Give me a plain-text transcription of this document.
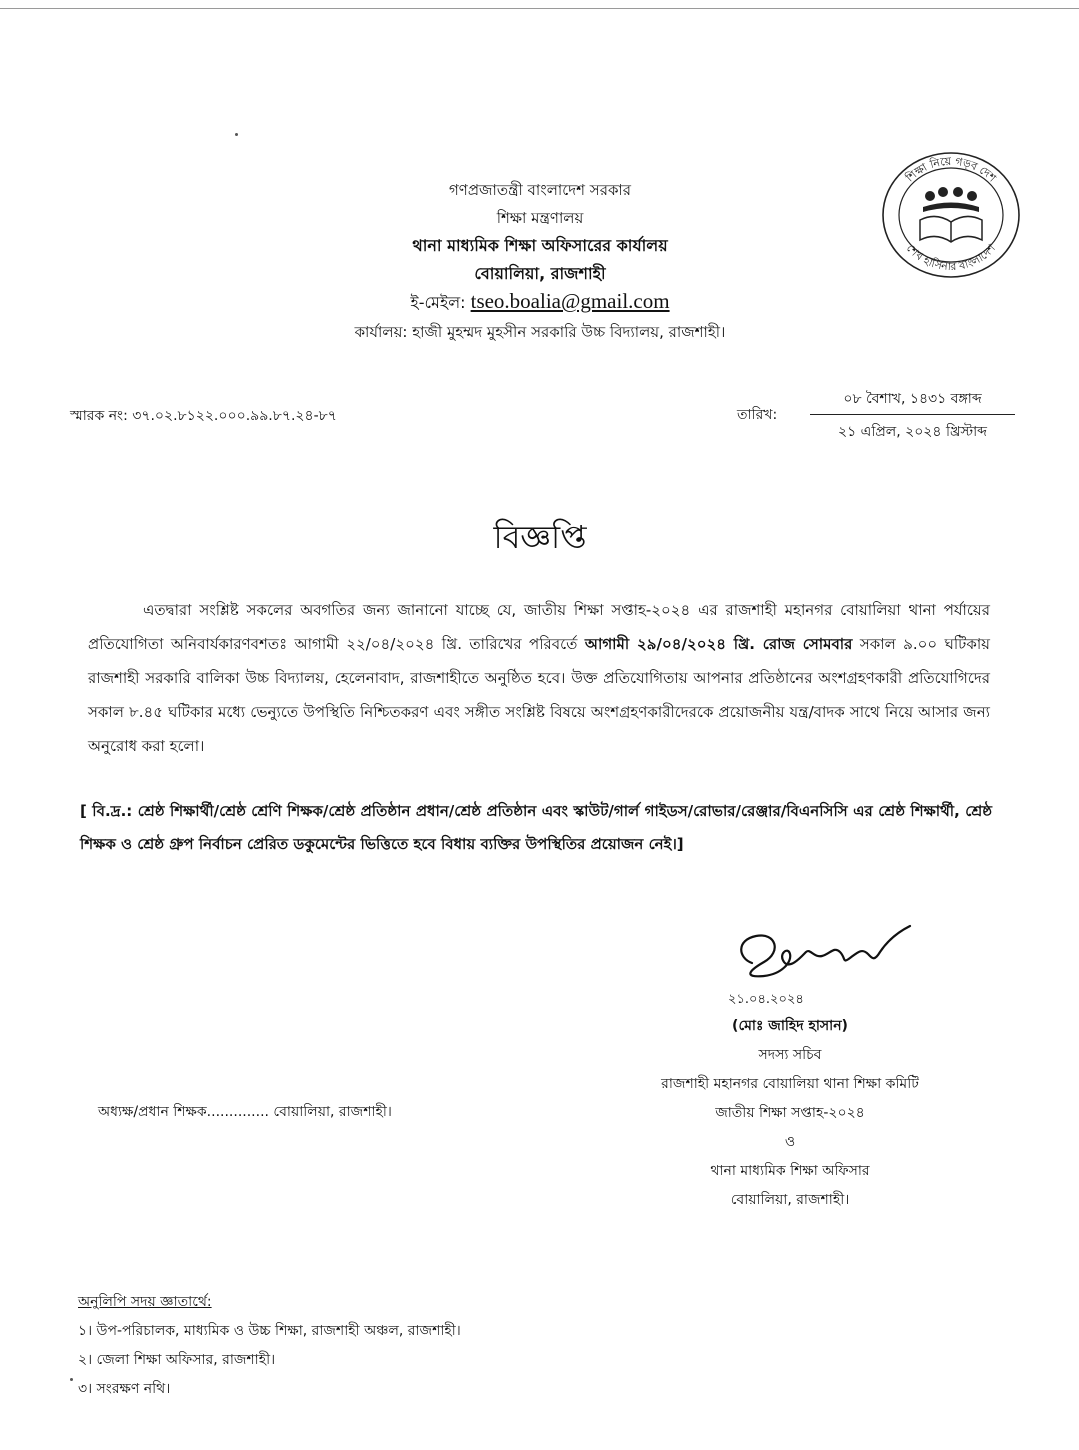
গণপ্রজাতন্ত্রী বাংলাদেশ সরকার
শিক্ষা মন্ত্রণালয়
থানা মাধ্যমিক শিক্ষা অফিসারের কার্যালয়
বোয়ালিয়া, রাজশাহী
ই-মেইল: tseo.boalia@gmail.com
কার্যালয়: হাজী মুহম্মদ মুহসীন সরকারি উচ্চ বিদ্যালয়, রাজশাহী।
শিক্ষা নিয়ে গড়ব দেশ
শেখ হাসিনার বাংলাদেশ
স্মারক নং: ৩৭.০২.৮১২২.০০০.৯৯.৮৭.২৪-৮৭	তারিখ:
০৮ বৈশাখ, ১৪৩১ বঙ্গাব্দ
২১ এপ্রিল, ২০২৪ খ্রিস্টাব্দ
বিজ্ঞপ্তি
এতদ্বারা সংশ্লিষ্ট সকলের অবগতির জন্য জানানো যাচ্ছে যে, জাতীয় শিক্ষা সপ্তাহ-২০২৪ এর রাজশাহী মহানগর বোয়ালিয়া থানা পর্যায়ের প্রতিযোগিতা অনিবার্যকারণবশতঃ আগামী ২২/০৪/২০২৪ খ্রি. তারিখের পরিবর্তে আগামী ২৯/০৪/২০২৪ খ্রি. রোজ সোমবার সকাল ৯.০০ ঘটিকায় রাজশাহী সরকারি বালিকা উচ্চ বিদ্যালয়, হেলেনাবাদ, রাজশাহীতে অনুষ্ঠিত হবে। উক্ত প্রতিযোগিতায় আপনার প্রতিষ্ঠানের অংশগ্রহণকারী প্রতিযোগিদের সকাল ৮.৪৫ ঘটিকার মধ্যে ভেন্যুতে উপস্থিতি নিশ্চিতকরণ এবং সঙ্গীত সংশ্লিষ্ট বিষয়ে অংশগ্রহণকারীদেরকে প্রয়োজনীয় যন্ত্র/বাদক সাথে নিয়ে আসার জন্য অনুরোধ করা হলো।
[ বি.দ্র.: শ্রেষ্ঠ শিক্ষার্থী/শ্রেষ্ঠ শ্রেণি শিক্ষক/শ্রেষ্ঠ প্রতিষ্ঠান প্রধান/শ্রেষ্ঠ প্রতিষ্ঠান এবং স্কাউট/গার্ল গাইডস/রোভার/রেঞ্জার/বিএনসিসি এর শ্রেষ্ঠ শিক্ষার্থী, শ্রেষ্ঠ শিক্ষক ও শ্রেষ্ঠ গ্রুপ নির্বাচন প্রেরিত ডকুমেন্টের ভিত্তিতে হবে বিধায় ব্যক্তির উপস্থিতির প্রয়োজন নেই।]
২১.০৪.২০২৪
(মোঃ জাহিদ হাসান)
সদস্য সচিব
রাজশাহী মহানগর বোয়ালিয়া থানা শিক্ষা কমিটি
জাতীয় শিক্ষা সপ্তাহ-২০২৪
ও
থানা মাধ্যমিক শিক্ষা অফিসার
বোয়ালিয়া, রাজশাহী।
অধ্যক্ষ/প্রধান শিক্ষক.............. বোয়ালিয়া, রাজশাহী।
অনুলিপি সদয় জ্ঞাতার্থে:
১। উপ-পরিচালক, মাধ্যমিক ও উচ্চ শিক্ষা, রাজশাহী অঞ্চল, রাজশাহী।
২। জেলা শিক্ষা অফিসার, রাজশাহী।
৩। সংরক্ষণ নথি।
